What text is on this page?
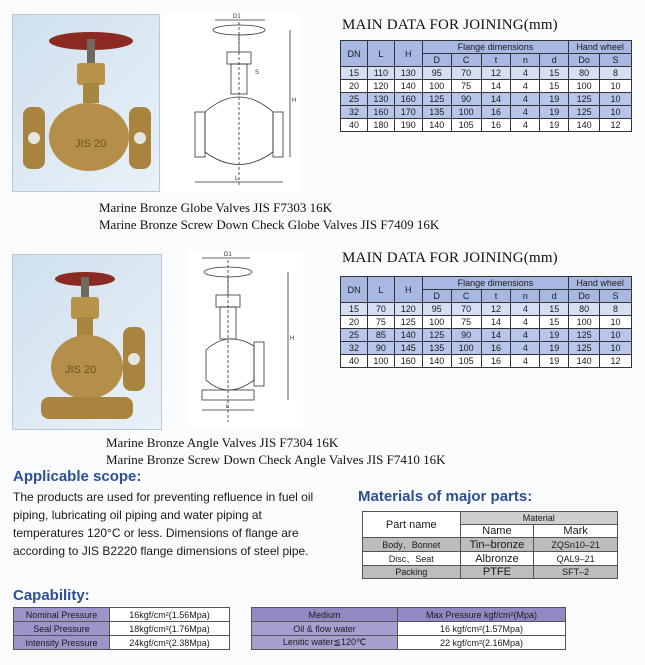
JIS 20
D1
L
H
S
MAIN DATA FOR JOINING(mm)
DN	L	H	Flange dimensions					Hand wheel	
			D	C	t	n	d	Do	S
15	110	130	95	70	12	4	15	80	8
20	120	140	100	75	14	4	15	100	10
25	130	160	125	90	14	4	19	125	10
32	160	170	135	100	16	4	19	125	10
40	180	190	140	105	16	4	19	140	12
Marine Bronze Globe Valves JIS F7303 16K
Marine Bronze Screw Down Check Globe Valves JIS F7409 16K
JIS 20
D1
L
H
MAIN DATA FOR JOINING(mm)
DN	L	H	Flange dimensions					Hand wheel	
			D	C	t	n	d	Do	S
15	70	120	95	70	12	4	15	80	8
20	75	125	100	75	14	4	15	100	10
25	85	140	125	90	14	4	19	125	10
32	90	145	135	100	16	4	19	125	10
40	100	160	140	105	16	4	19	140	12
Marine Bronze Angle Valves JIS F7304 16K
Marine Bronze Screw Down Check Angle Valves JIS F7410 16K
Applicable scope:
The products are used for preventing refluence in fuel oil
piping, lubricating oil piping and water piping at
temperatures 120°C or less. Dimensions of flange are
according to JIS B2220 flange dimensions of steel pipe.
Materials of major parts:
Part name	Material	
	Name	Mark
Body、Bonnet	Tin–bronze	ZQSn10–21
Disc、Seat	Albronze	QAL9–21
Packing	PTFE	SFT–2
Capability:
Nominal Pressure	16kgf/cm²(1.56Mpa)
Seal Pressure	18kgf/cm²(1.76Mpa)
Intensity Pressure	24kgf/cm²(2.38Mpa)
Medium	Max Pressure kgf/cm²(Mpa)
Oil & flow water	16 kgf/cm²(1.57Mpa)
Lenitic water≦120℃	22 kgf/cm²(2.16Mpa)
